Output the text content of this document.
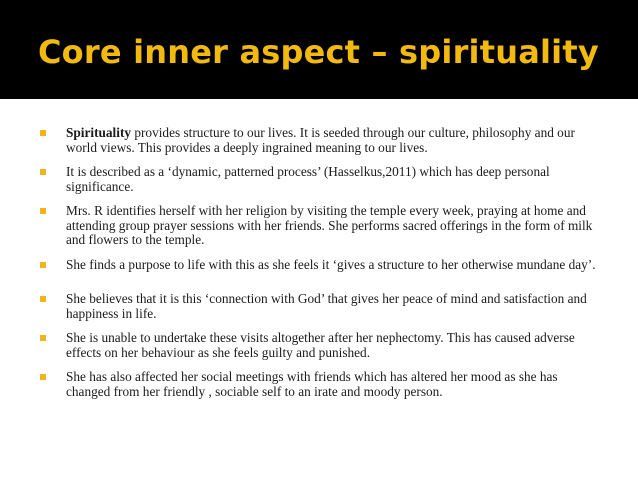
Core inner aspect – spirituality
Spirituality provides structure to our lives. It is seeded through our culture, philosophy and our world views. This provides a deeply ingrained meaning to our lives.
It is described as a ‘dynamic, patterned process’ (Hasselkus,2011) which has deep personal significance.
Mrs. R identifies herself with her religion by visiting the temple every week, praying at home and attending group prayer sessions with her friends. She performs sacred offerings in the form of milk and flowers to the temple.
She finds a purpose to life with this as she feels it ‘gives a structure to her otherwise mundane day’.
She believes that it is this ‘connection with God’ that gives her peace of mind and satisfaction and happiness in life.
She is unable to undertake these visits altogether after her nephectomy. This has caused adverse effects on her behaviour as she feels guilty and punished.
She has also affected her social meetings with friends which has altered her mood as she has changed from her friendly , sociable self to an irate and moody person.
